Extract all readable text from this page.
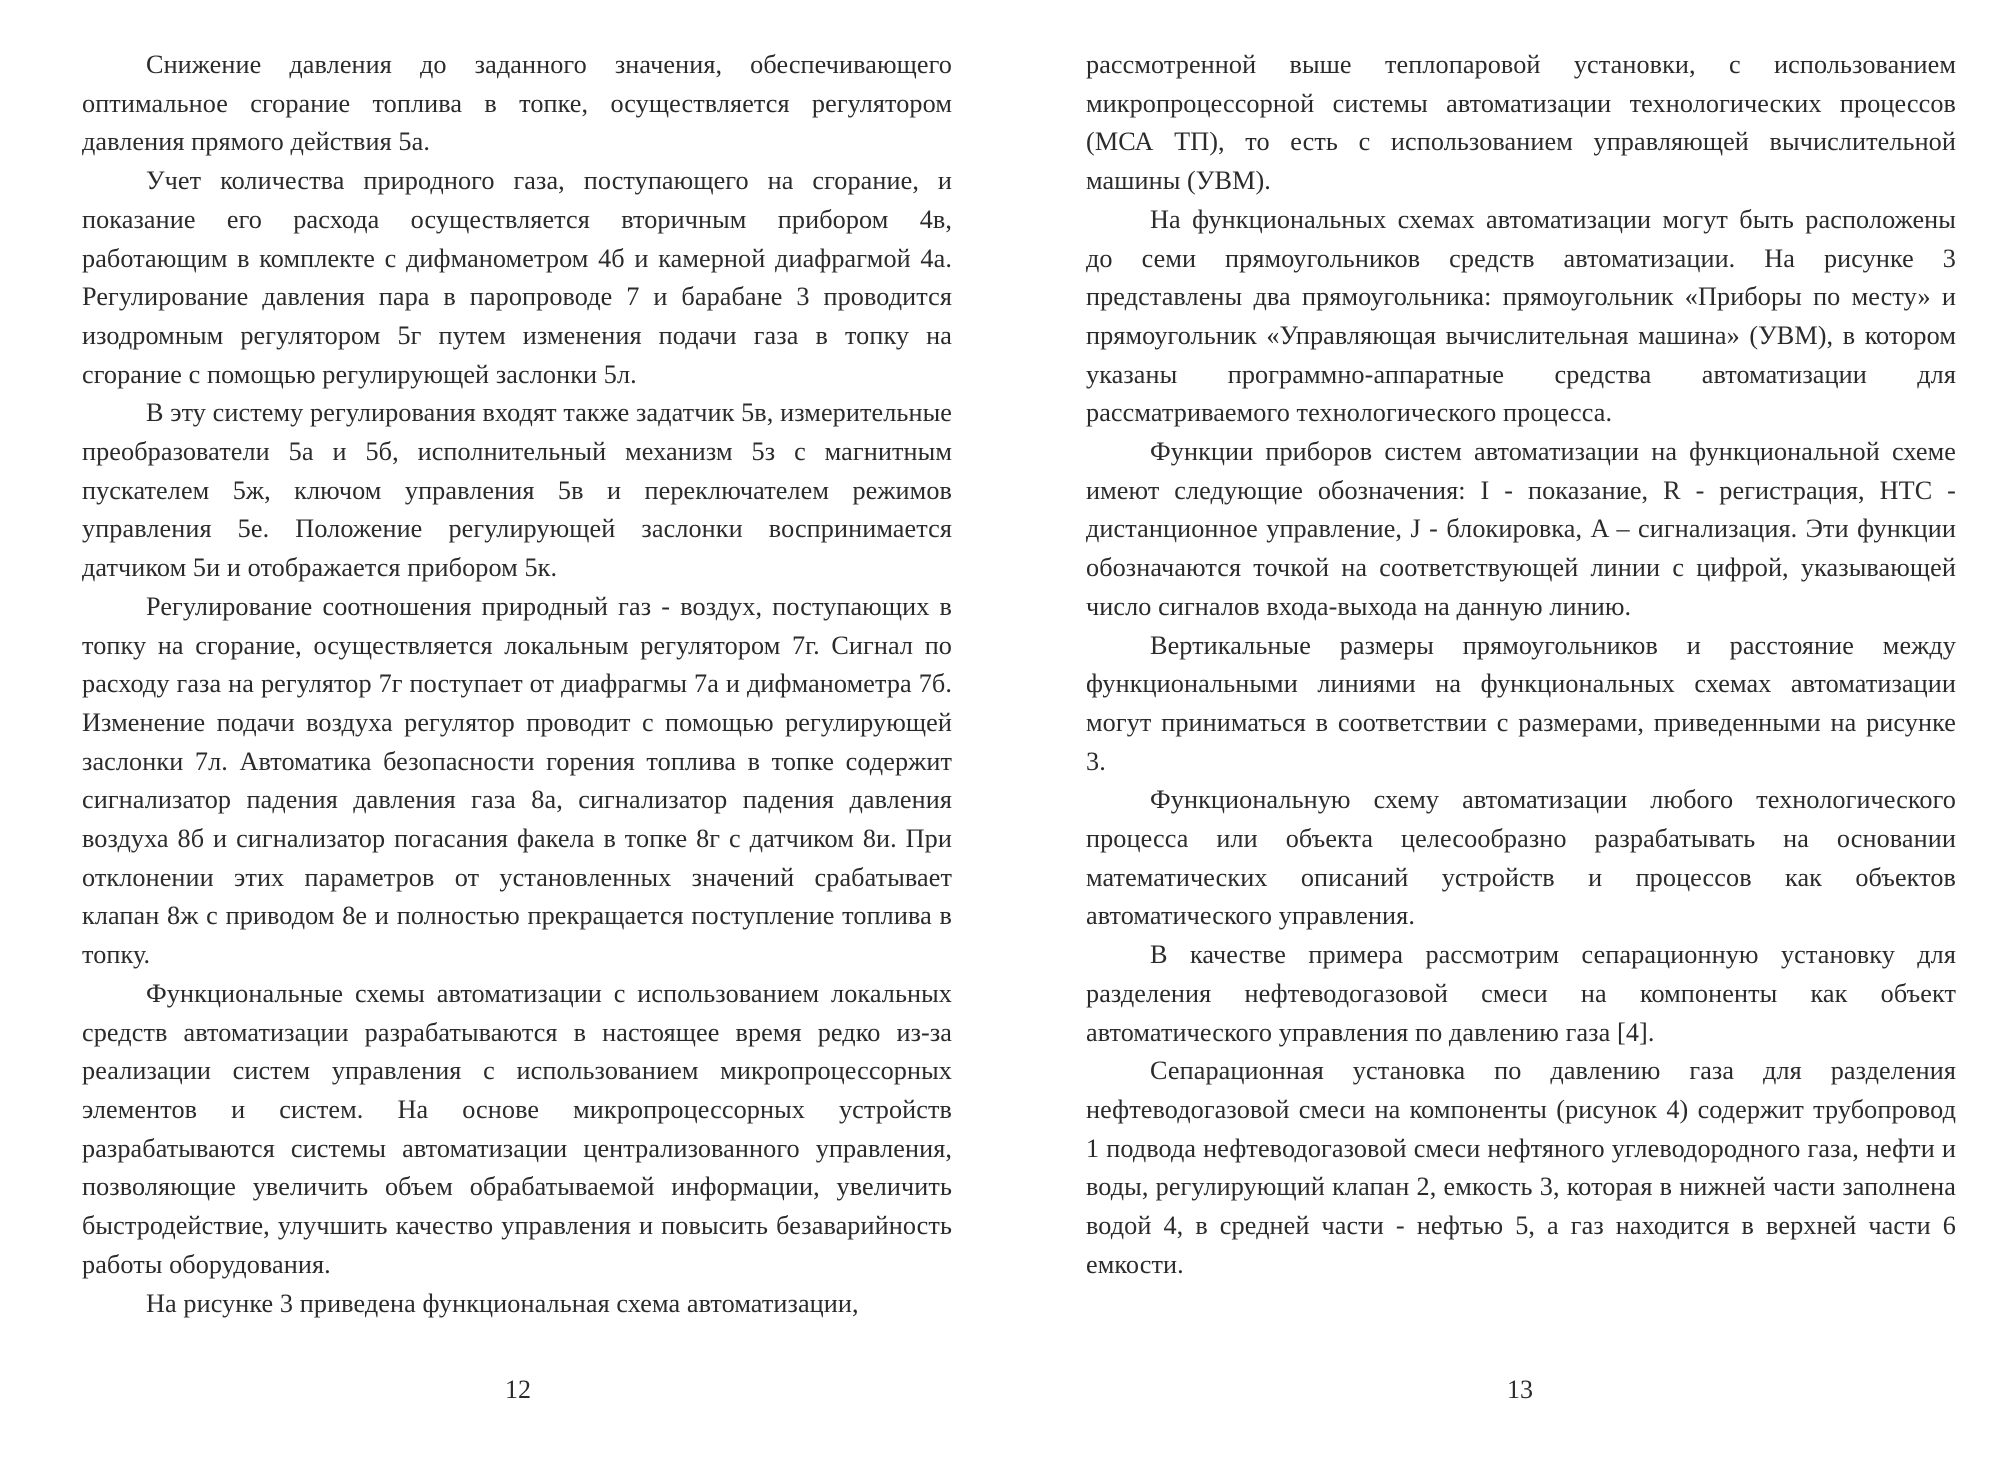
Снижение давления до заданного значения, обеспечивающего оптимальное сгорание топлива в топке, осуществляется регулятором давления прямого действия 5а.

Учет количества природного газа, поступающего на сгорание, и показание его расхода осуществляется вторичным прибором 4в, работающим в комплекте с дифманометром 4б и камерной диафрагмой 4а. Регулирование давления пара в паропроводе 7 и барабане 3 проводится изодромным регулятором 5г путем изменения подачи газа в топку на сгорание с помощью регулирующей заслонки 5л.

В эту систему регулирования входят также задатчик 5в, измерительные преобразователи 5а и 5б, исполнительный механизм 5з с магнитным пускателем 5ж, ключом управления 5в и переключателем режимов управления 5е. Положение регулирующей заслонки воспринимается датчиком 5и и отображается прибором 5к.

Регулирование соотношения природный газ - воздух, поступающих в топку на сгорание, осуществляется локальным регулятором 7г. Сигнал по расходу газа на регулятор 7г поступает от диафрагмы 7а и дифманометра 7б. Изменение подачи воздуха регулятор проводит с помощью регулирующей заслонки 7л. Автоматика безопасности горения топлива в топке содержит сигнализатор падения давления газа 8а, сигнализатор падения давления воздуха 8б и сигнализатор погасания факела в топке 8г с датчиком 8и. При отклонении этих параметров от установленных значений срабатывает клапан 8ж с приводом 8е и полностью прекращается поступление топлива в топку.

Функциональные схемы автоматизации с использованием локальных средств автоматизации разрабатываются в настоящее время редко из-за реализации систем управления с использованием микропроцессорных элементов и систем. На основе микропроцессорных устройств разрабатываются системы автоматизации централизованного управления, позволяющие увеличить объем обрабатываемой информации, увеличить быстродействие, улучшить качество управления и повысить безаварийность работы оборудования.

На рисунке 3 приведена функциональная схема автоматизации,

12

рассмотренной выше теплопаровой установки, с использованием микропроцессорной системы автоматизации технологических процессов (МСА ТП), то есть с использованием управляющей вычислительной машины (УВМ).

На функциональных схемах автоматизации могут быть расположены до семи прямоугольников средств автоматизации. На рисунке 3 представлены два прямоугольника: прямоугольник «Приборы по месту» и прямоугольник «Управляющая вычислительная машина» (УВМ), в котором указаны программно-аппаратные средства автоматизации для рассматриваемого технологического процесса.

Функции приборов систем автоматизации на функциональной схеме имеют следующие обозначения: I - показание, R - регистрация, НТС - дистанционное управление, J - блокировка, A – сигнализация. Эти функции обозначаются точкой на соответствующей линии с цифрой, указывающей число сигналов входа-выхода на данную линию.

Вертикальные размеры прямоугольников и расстояние между функциональными линиями на функциональных схемах автоматизации могут приниматься в соответствии с размерами, приведенными на рисунке 3.

Функциональную схему автоматизации любого технологического процесса или объекта целесообразно разрабатывать на основании математических описаний устройств и процессов как объектов автоматического управления.

В качестве примера рассмотрим сепарационную установку для разделения нефтеводогазовой смеси на компоненты как объект автоматического управления по давлению газа [4].

Сепарационная установка по давлению газа для разделения нефтеводогазовой смеси на компоненты (рисунок 4) содержит трубопровод 1 подвода нефтеводогазовой смеси нефтяного углеводородного газа, нефти и воды, регулирующий клапан 2, емкость 3, которая в нижней части заполнена водой 4, в средней части - нефтью 5, а газ находится в верхней части 6 емкости.

13
